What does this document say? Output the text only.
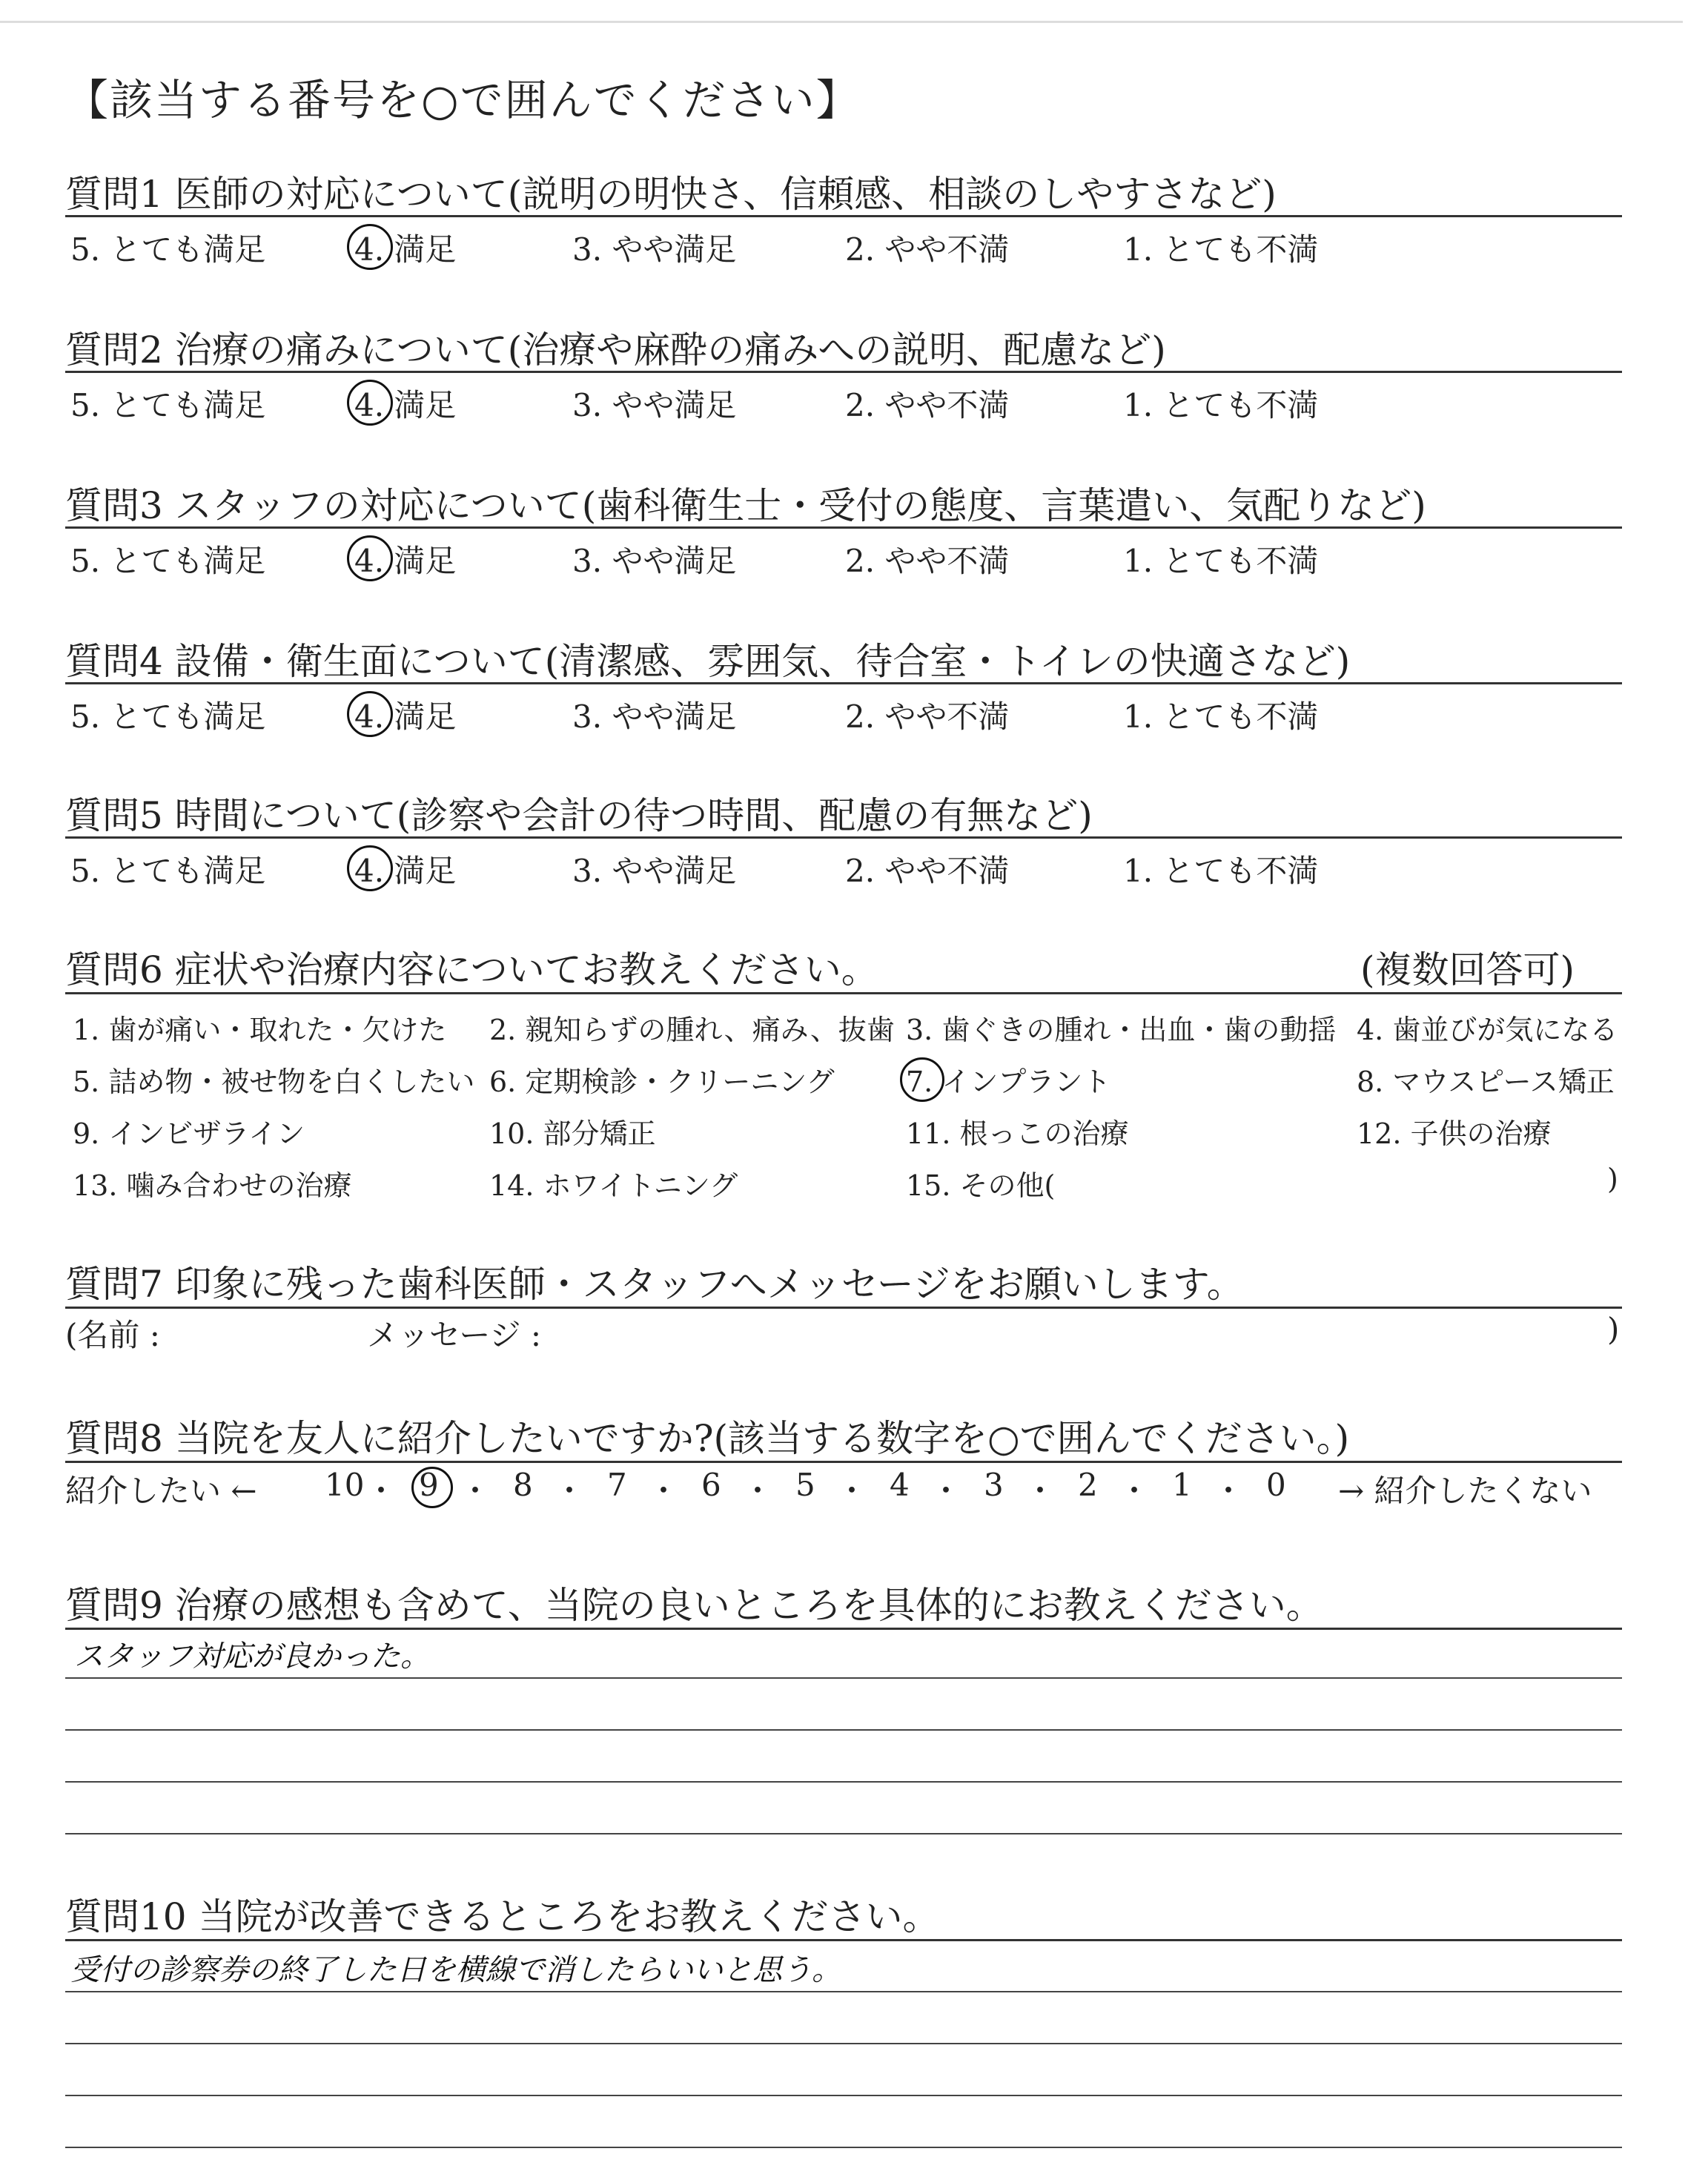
【該当する番号を○で囲んでください】
質問1 医師の対応について(説明の明快さ、信頼感、相談のしやすさなど)
5. とても満足	4. 満足	3. やや満足	2. やや不満	1. とても不満
質問2 治療の痛みについて(治療や麻酔の痛みへの説明、配慮など)
5. とても満足	4. 満足	3. やや満足	2. やや不満	1. とても不満
質問3 スタッフの対応について(歯科衛生士・受付の態度、言葉遣い、気配りなど)
5. とても満足	4. 満足	3. やや満足	2. やや不満	1. とても不満
質問4 設備・衛生面について(清潔感、雰囲気、待合室・トイレの快適さなど)
5. とても満足	4. 満足	3. やや満足	2. やや不満	1. とても不満
質問5 時間について(診察や会計の待つ時間、配慮の有無など)
5. とても満足	4. 満足	3. やや満足	2. やや不満	1. とても不満
質問6 症状や治療内容についてお教えください。	(複数回答可)
1. 歯が痛い・取れた・欠けた 2. 親知らずの腫れ、痛み、抜歯 3. 歯ぐきの腫れ・出血・歯の動揺 4. 歯並びが気になる
5. 詰め物・被せ物を白くしたい 6. 定期検診・クリーニング	7. インプラント	8. マウスピース矯正
9. インビザライン	10. 部分矯正	11. 根っこの治療	12. 子供の治療
13. 噛み合わせの治療	14. ホワイトニング	15. その他(	)
質問7 印象に残った歯科医師・スタッフへメッセージをお願いします。
(名前 :	メッセージ :	)
質問8 当院を友人に紹介したいですか?(該当する数字を○で囲んでください。)
紹介したい ←	→ 紹介したくない
10 ・ 9 ・ 8 ・ 7 ・ 6 ・ 5 ・ 4 ・ 3 ・ 2 ・ 1 ・ 0
質問9 治療の感想も含めて、当院の良いところを具体的にお教えください。
スタッフ対応が良かった。
質問10 当院が改善できるところをお教えください。
受付の診察券の終了した日を横線で消したらいいと思う。
